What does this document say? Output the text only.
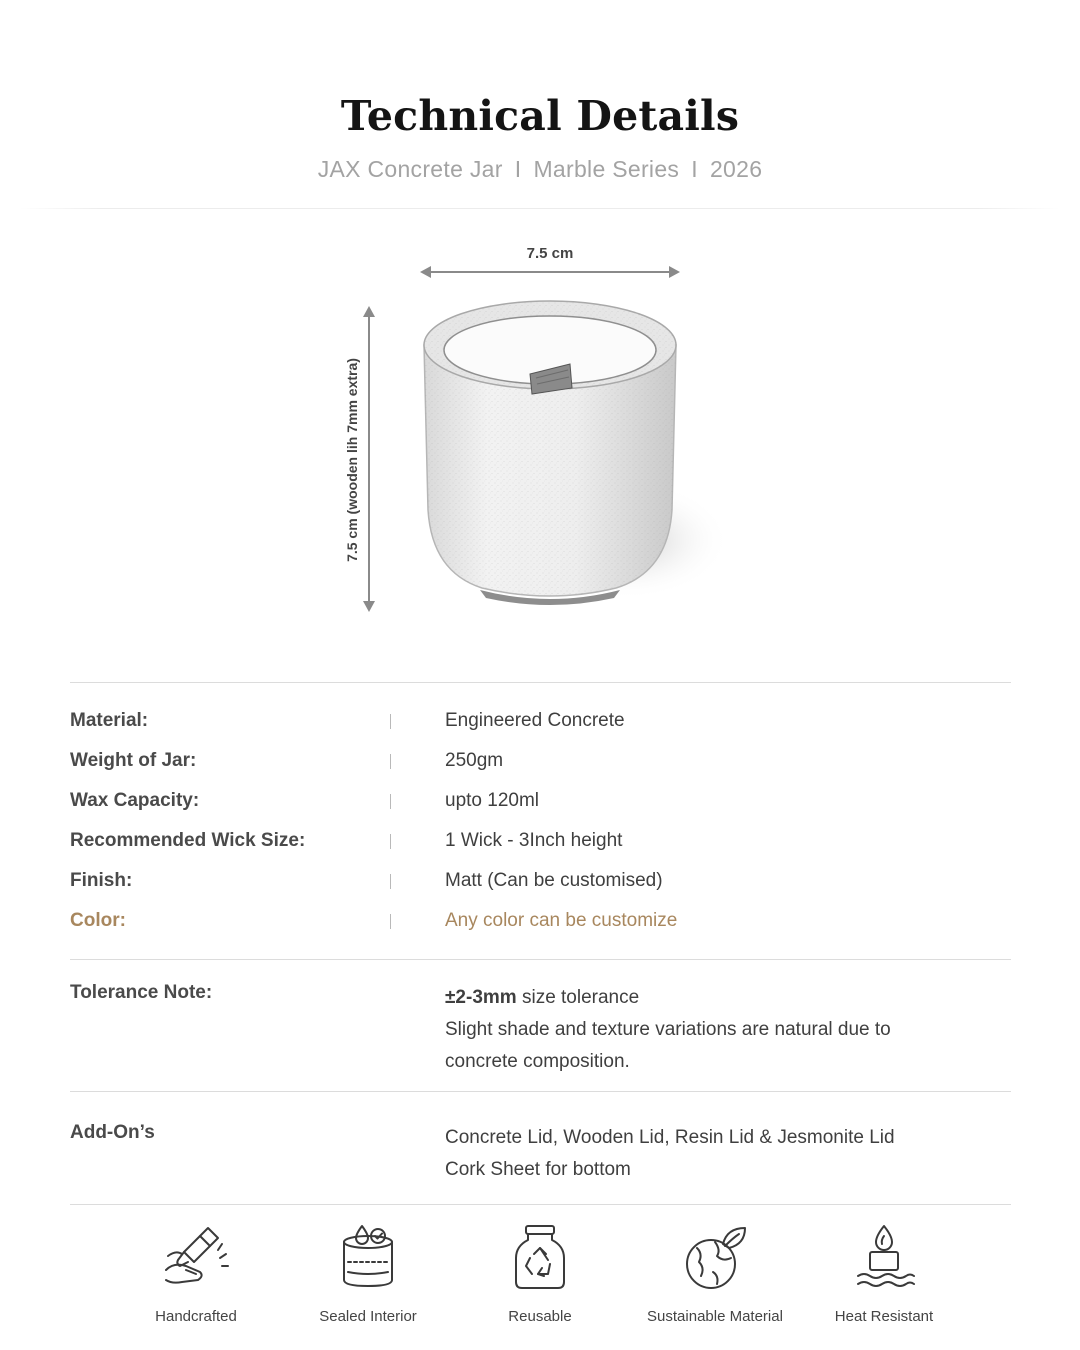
Technical Details
JAX Concrete Jar I Marble Series I 2026
7.5 cm
7.5 cm (wooden lih 7mm extra)
Material:	Engineered Concrete
Weight of Jar:	250gm
Wax Capacity:	upto 120ml
Recommended Wick Size:	1 Wick - 3Inch height
Finish:	Matt (Can be customised)
Color:	Any color can be customize
Tolerance Note:	±2-3mm size tolerance
Slight shade and texture variations are natural due to
concrete composition.
Add-On’s	Concrete Lid, Wooden Lid, Resin Lid & Jesmonite Lid
Cork Sheet for bottom
Handcrafted	Sealed Interior	Reusable	Sustainable Material	Heat Resistant
